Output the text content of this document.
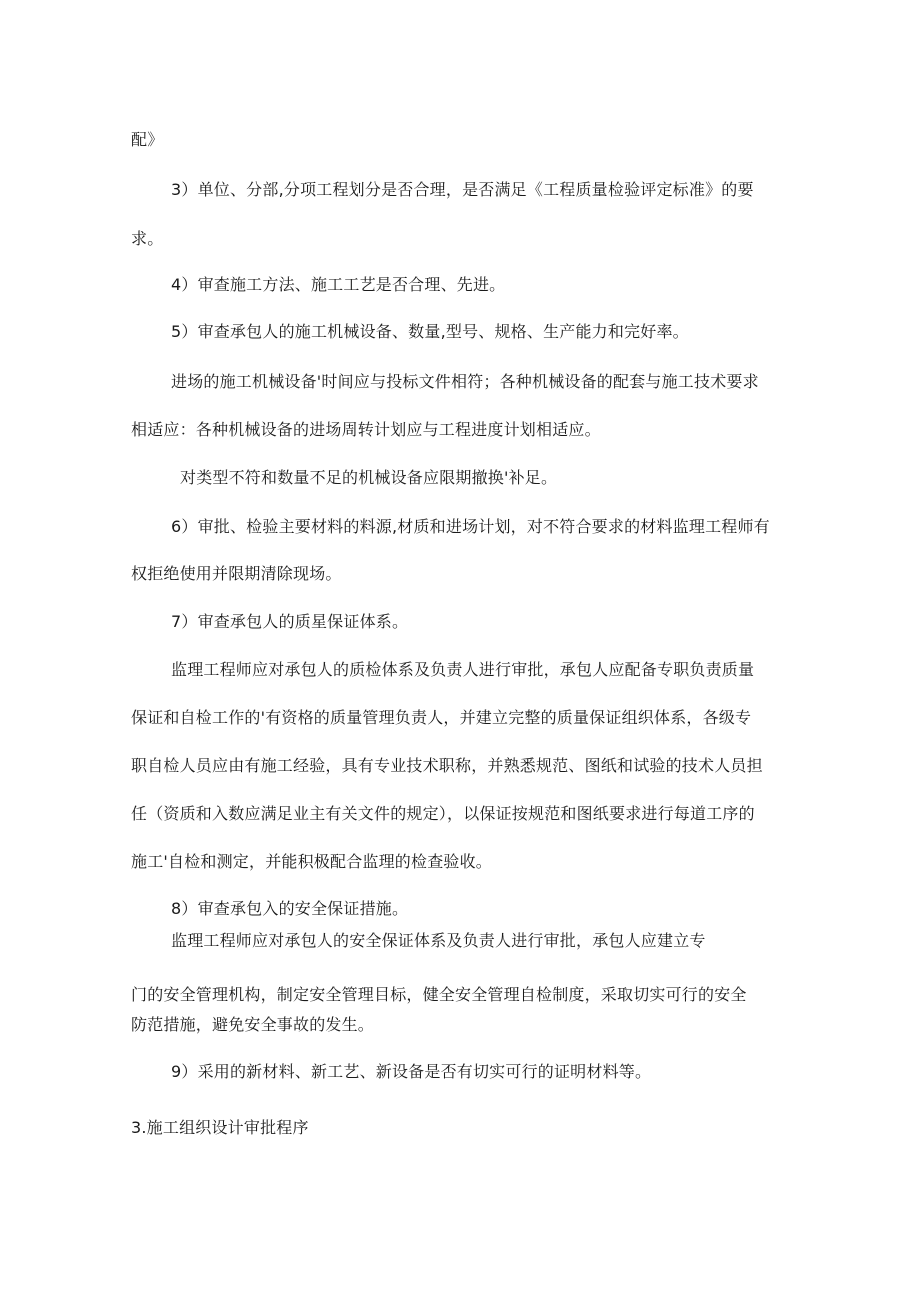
配》
3）单位、分部,分项工程划分是否合理，是否满足《工程质量检验评定标准》的要
求。
4）审查施工方法、施工工艺是否合理、先进。
5）审查承包人的施工机械设备、数量,型号、规格、生产能力和完好率。
进场的施工机械设备'时间应与投标文件相符；各种机械设备的配套与施工技术要求
相适应：各种机械设备的进场周转计划应与工程进度计划相适应。
对类型不符和数量不足的机械设备应限期撤换'补足。
6）审批、检验主要材料的料源,材质和进场计划，对不符合要求的材料监理工程师有
权拒绝使用并限期清除现场。
7）审查承包人的质星保证体系。
监理工程师应对承包人的质检体系及负责人进行审批，承包人应配备专职负责质量
保证和自检工作的'有资格的质量管理负责人，并建立完整的质量保证组织体系，各级专
职自检人员应由有施工经验，具有专业技术职称，并熟悉规范、图纸和试验的技术人员担
任（资质和入数应满足业主有关文件的规定），以保证按规范和图纸要求进行每道工序的
施工'自检和测定，并能积极配合监理的检查验收。
8）审查承包入的安全保证措施。
监理工程师应对承包人的安全保证体系及负责人进行审批，承包人应建立专
门的安全管理机构，制定安全管理目标，健全安全管理自检制度，采取切实可行的安全
防范措施，避免安全事故的发生。
9）采用的新材料、新工艺、新设备是否有切实可行的证明材料等。
3.施工组织设计审批程序
